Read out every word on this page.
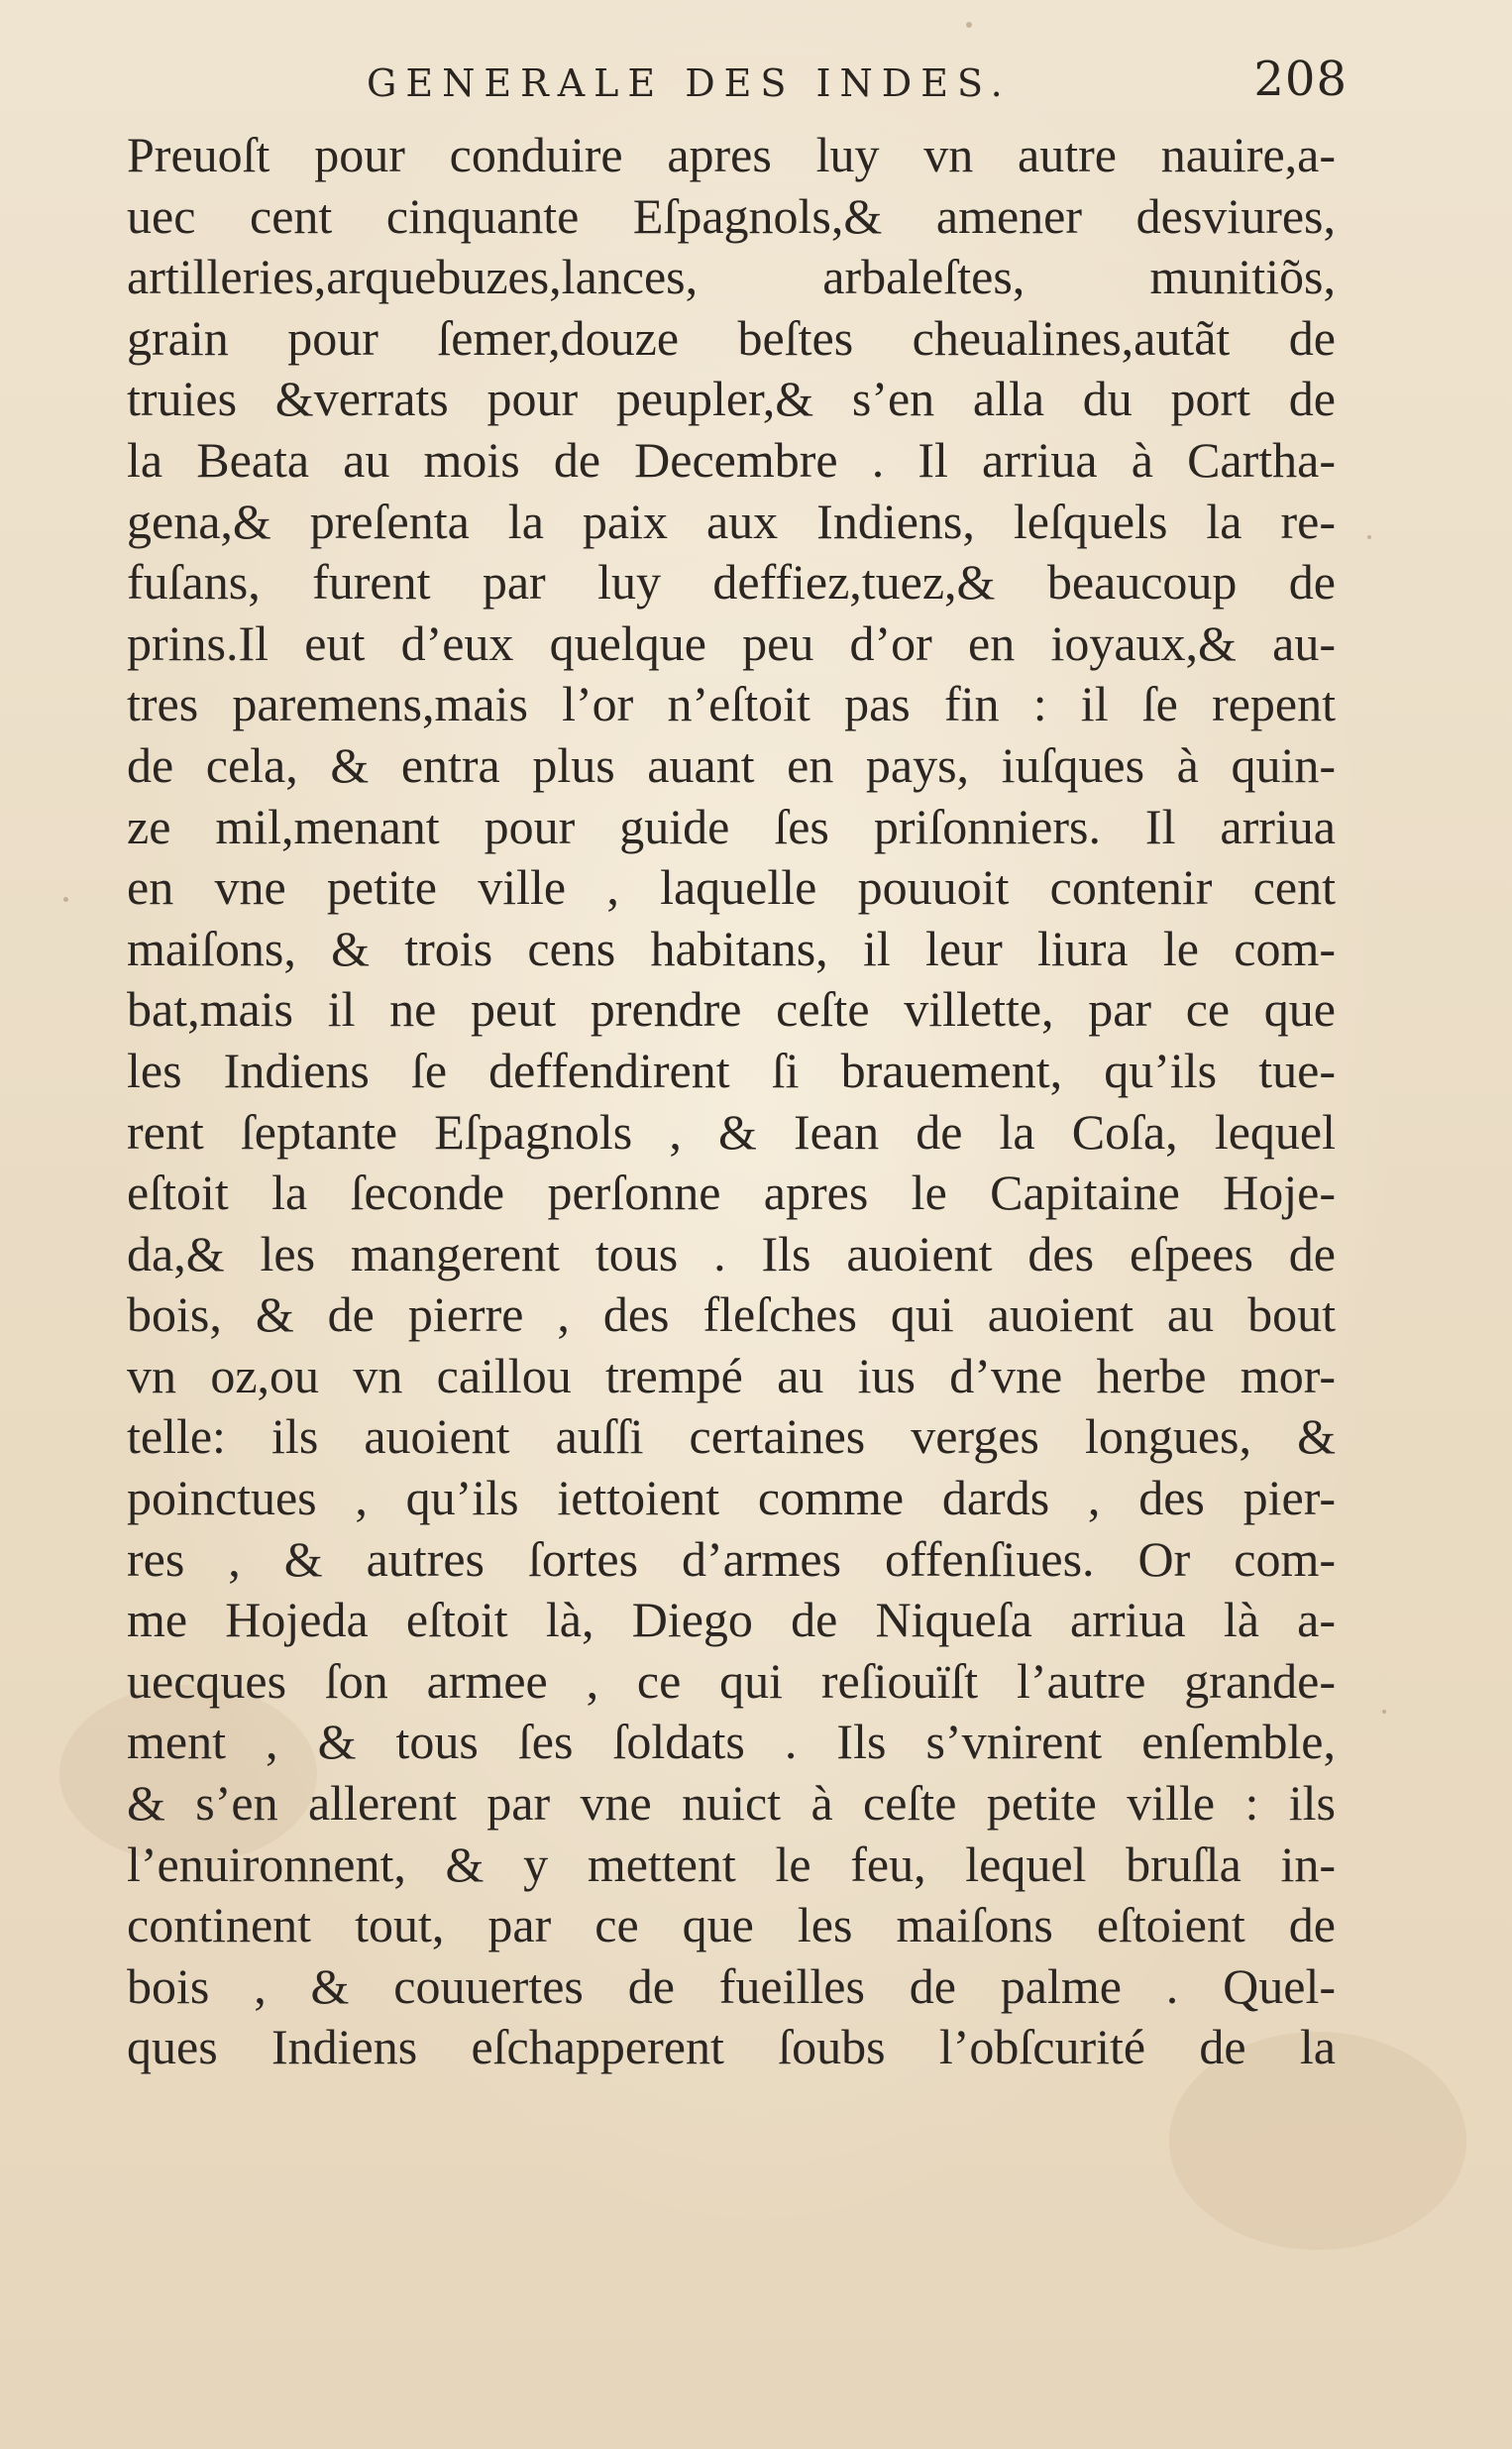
GENERALE DES INDES.	208
Preuoſt pour conduire apres luy vn autre nauire,a-
uec cent cinquante Eſpagnols,& amener desviures,
artilleries,arquebuzes,lances, arbaleſtes, munitiõs,
grain pour ſemer,douze beſtes cheualines,autãt de
truies &verrats pour peupler,& s’en alla du port de
la Beata au mois de Decembre . Il arriua à Cartha-
gena,& preſenta la paix aux Indiens, leſquels la re-
fuſans, furent par luy deffiez,tuez,& beaucoup de
prins.Il eut d’eux quelque peu d’or en ioyaux,& au-
tres paremens,mais l’or n’eſtoit pas fin : il ſe repent
de cela, & entra plus auant en pays, iuſques à quin-
ze mil,menant pour guide ſes priſonniers. Il arriua
en vne petite ville , laquelle pouuoit contenir cent
maiſons, & trois cens habitans, il leur liura le com-
bat,mais il ne peut prendre ceſte villette, par ce que
les Indiens ſe deffendirent ſi brauement, qu’ils tue-
rent ſeptante Eſpagnols , & Iean de la Coſa, lequel
eſtoit la ſeconde perſonne apres le Capitaine Hoje-
da,& les mangerent tous . Ils auoient des eſpees de
bois, & de pierre , des fleſches qui auoient au bout
vn oz,ou vn caillou trempé au ius d’vne herbe mor-
telle: ils auoient auſſi certaines verges longues, &
poinctues , qu’ils iettoient comme dards , des pier-
res , & autres ſortes d’armes offenſiues. Or com-
me Hojeda eſtoit là, Diego de Niqueſa arriua là a-
uecques ſon armee , ce qui reſiouïſt l’autre grande-
ment , & tous ſes ſoldats . Ils s’vnirent enſemble,
& s’en allerent par vne nuict à ceſte petite ville : ils
l’enuironnent, & y mettent le feu, lequel bruſla in-
continent tout, par ce que les maiſons eſtoient de
bois , & couuertes de fueilles de palme . Quel-
ques Indiens eſchapperent ſoubs l’obſcurité de la
